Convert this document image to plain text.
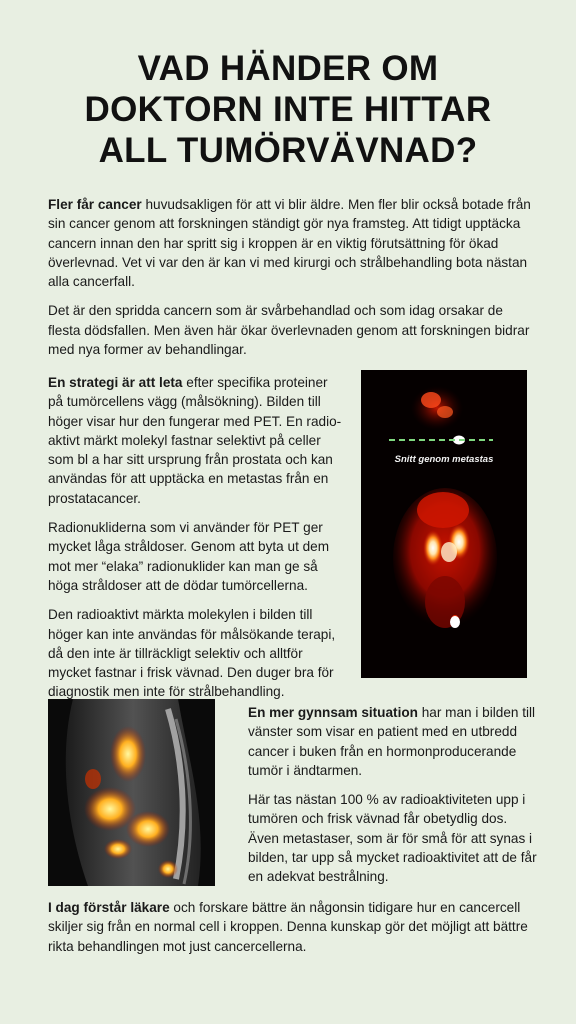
VAD HÄNDER OM
DOKTORN INTE HITTAR
ALL TUMÖRVÄVNAD?

Fler får cancer huvudsakligen för att vi blir äldre. Men fler blir också botade från sin cancer genom att forskningen ständigt gör nya framsteg. Att tidigt upptäcka cancern innan den har spritt sig i kroppen är en viktig förutsättning för ökad överlevnad. Vet vi var den är kan vi med kirurgi och strålbehandling bota nästan alla cancerfall.

Det är den spridda cancern som är svårbehandlad och som idag orsakar de flesta dödsfallen. Men även här ökar överlevnaden genom att forskningen bidrar med nya former av behandlingar.

En strategi är att leta efter specifika proteiner på tumörcellens vägg (målsökning). Bilden till höger visar hur den fungerar med PET. En radio-aktivt märkt molekyl fastnar selektivt på celler som bl a har sitt ursprung från prostata och kan användas för att upptäcka en metastas från en prostatacancer.

Radionukliderna som vi använder för PET ger mycket låga stråldoser. Genom att byta ut dem mot mer “elaka” radionuklider kan man ge så höga stråldoser att de dödar tumörcellerna.

Den radioaktivt märkta molekylen i bilden till höger kan inte användas för målsökande terapi, då den inte är tillräckligt selektiv och alltför mycket fastnar i frisk vävnad. Den duger bra för diagnostik men inte för strålbehandling.

Snitt genom metastas

En mer gynnsam situation har man i bilden till vänster som visar en patient med en utbredd cancer i buken från en hormonproducerande tumör i ändtarmen.

Här tas nästan 100 % av radioaktiviteten upp i tumören och frisk vävnad får obetydlig dos. Även metastaser, som är för små för att synas i bilden, tar upp så mycket radioaktivitet att de får en adekvat bestrålning.

I dag förstår läkare och forskare bättre än någonsin tidigare hur en cancercell skiljer sig från en normal cell i kroppen. Denna kunskap gör det möjligt att bättre rikta behandlingen mot just cancercellerna.
